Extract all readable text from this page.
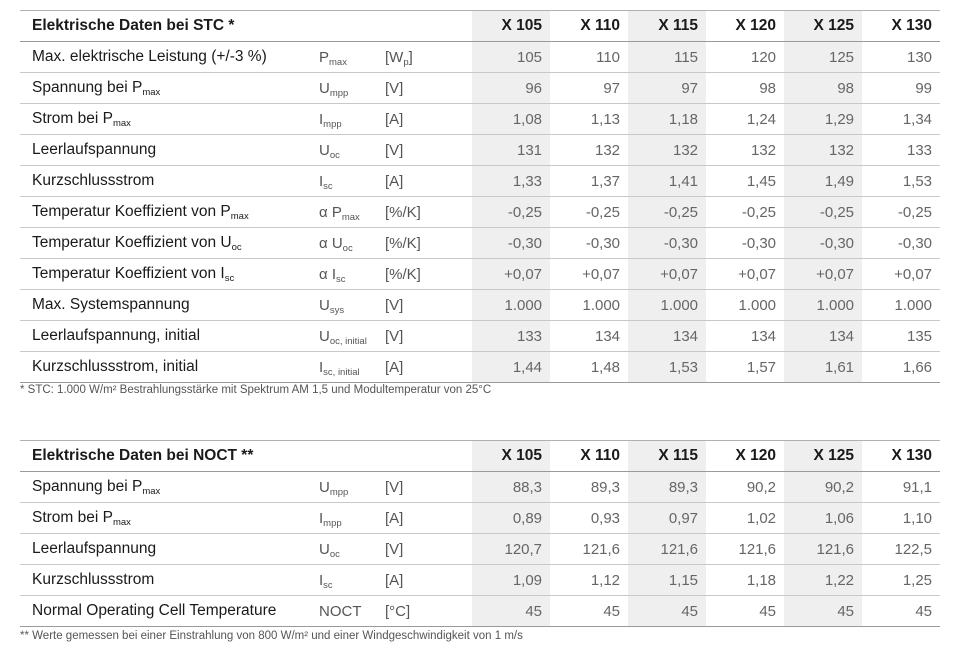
Elektrische Daten bei STC *			X 105	X 110	X 115	X 120	X 125	X 130
Max. elektrische Leistung (+/-3 %)	$P_{max}$	$[W_p]$	105	110	115	120	125	130
Spannung bei $P_{max}$	$U_{mpp}$	[V]	96	97	97	98	98	99
Strom bei $P_{max}$	$I_{mpp}$	[A]	1,08	1,13	1,18	1,24	1,29	1,34
Leerlaufspannung	$U_{oc}$	[V]	131	132	132	132	132	133
Kurzschlussstrom	$I_{sc}$	[A]	1,33	1,37	1,41	1,45	1,49	1,53
Temperatur Koeffizient von $P_{max}$	α $P_{max}$	[%/K]	-0,25	-0,25	-0,25	-0,25	-0,25	-0,25
Temperatur Koeffizient von $U_{oc}$	α $U_{oc}$	[%/K]	-0,30	-0,30	-0,30	-0,30	-0,30	-0,30
Temperatur Koeffizient von $I_{sc}$	α $I_{sc}$	[%/K]	+0,07	+0,07	+0,07	+0,07	+0,07	+0,07
Max. Systemspannung	$U_{sys}$	[V]	1.000	1.000	1.000	1.000	1.000	1.000
Leerlaufspannung, initial	$U_{oc, initial}$	[V]	133	134	134	134	134	135
Kurzschlussstrom, initial	$I_{sc, initial}$	[A]	1,44	1,48	1,53	1,57	1,61	1,66
* STC: 1.000 W/m² Bestrahlungsstärke mit Spektrum AM 1,5 und Modultemperatur von 25°C
Elektrische Daten bei NOCT **			X 105	X 110	X 115	X 120	X 125	X 130
Spannung bei $P_{max}$	$U_{mpp}$	[V]	88,3	89,3	89,3	90,2	90,2	91,1
Strom bei $P_{max}$	$I_{mpp}$	[A]	0,89	0,93	0,97	1,02	1,06	1,10
Leerlaufspannung	$U_{oc}$	[V]	120,7	121,6	121,6	121,6	121,6	122,5
Kurzschlussstrom	$I_{sc}$	[A]	1,09	1,12	1,15	1,18	1,22	1,25
Normal Operating Cell Temperature	NOCT	[°C]	45	45	45	45	45	45
** Werte gemessen bei einer Einstrahlung von 800 W/m² und einer Windgeschwindigkeit von 1 m/s
